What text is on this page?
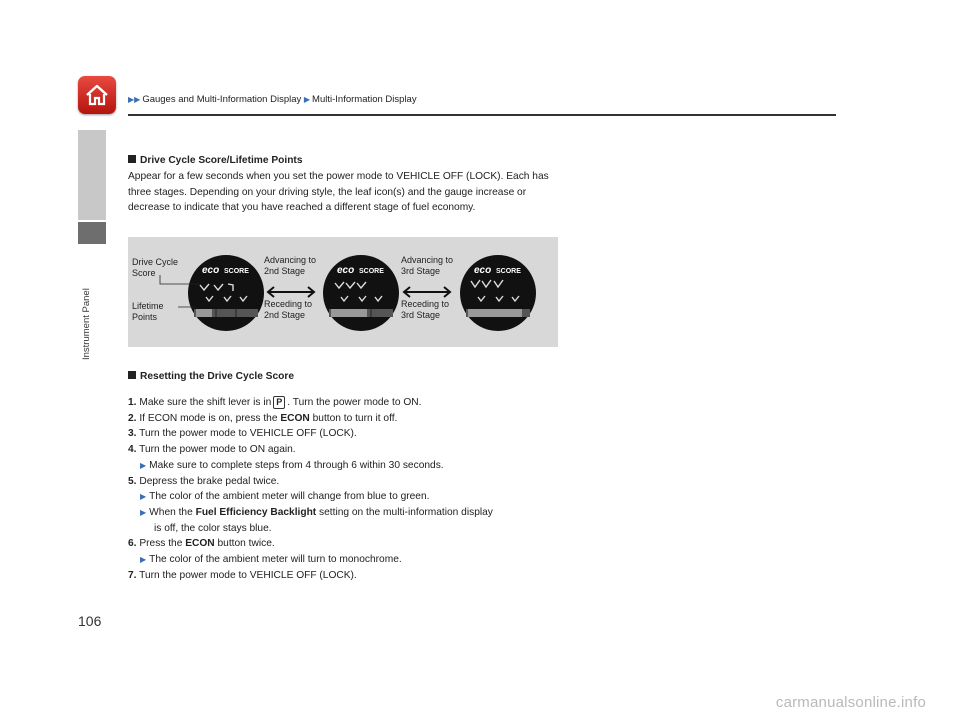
▶▶ Gauges and Multi-Information Display ▶ Multi-Information Display
Instrument Panel

Drive Cycle Score/Lifetime Points

Appear for a few seconds when you set the power mode to VEHICLE OFF (LOCK). Each has three stages. Depending on your driving style, the leaf icon(s) and the gauge increase or decrease to indicate that you have reached a different stage of fuel economy.

eco SCORE	eco SCORE	eco SCORE
Drive Cycle
Score
Lifetime
Points
Advancing to
2nd Stage
Receding to
2nd Stage
Advancing to
3rd Stage
Receding to
3rd Stage

Resetting the Drive Cycle Score

1. Make sure the shift lever is in P . Turn the power mode to ON.

2. If ECON mode is on, press the ECON button to turn it off.

3. Turn the power mode to VEHICLE OFF (LOCK).

4. Turn the power mode to ON again.

▶ Make sure to complete steps from 4 through 6 within 30 seconds.

5. Depress the brake pedal twice.

▶ The color of the ambient meter will change from blue to green.

▶ When the Fuel Efficiency Backlight setting on the multi-information display

is off, the color stays blue.

6. Press the ECON button twice.

▶ The color of the ambient meter will turn to monochrome.

7. Turn the power mode to VEHICLE OFF (LOCK).

106
carmanualsonline.info
